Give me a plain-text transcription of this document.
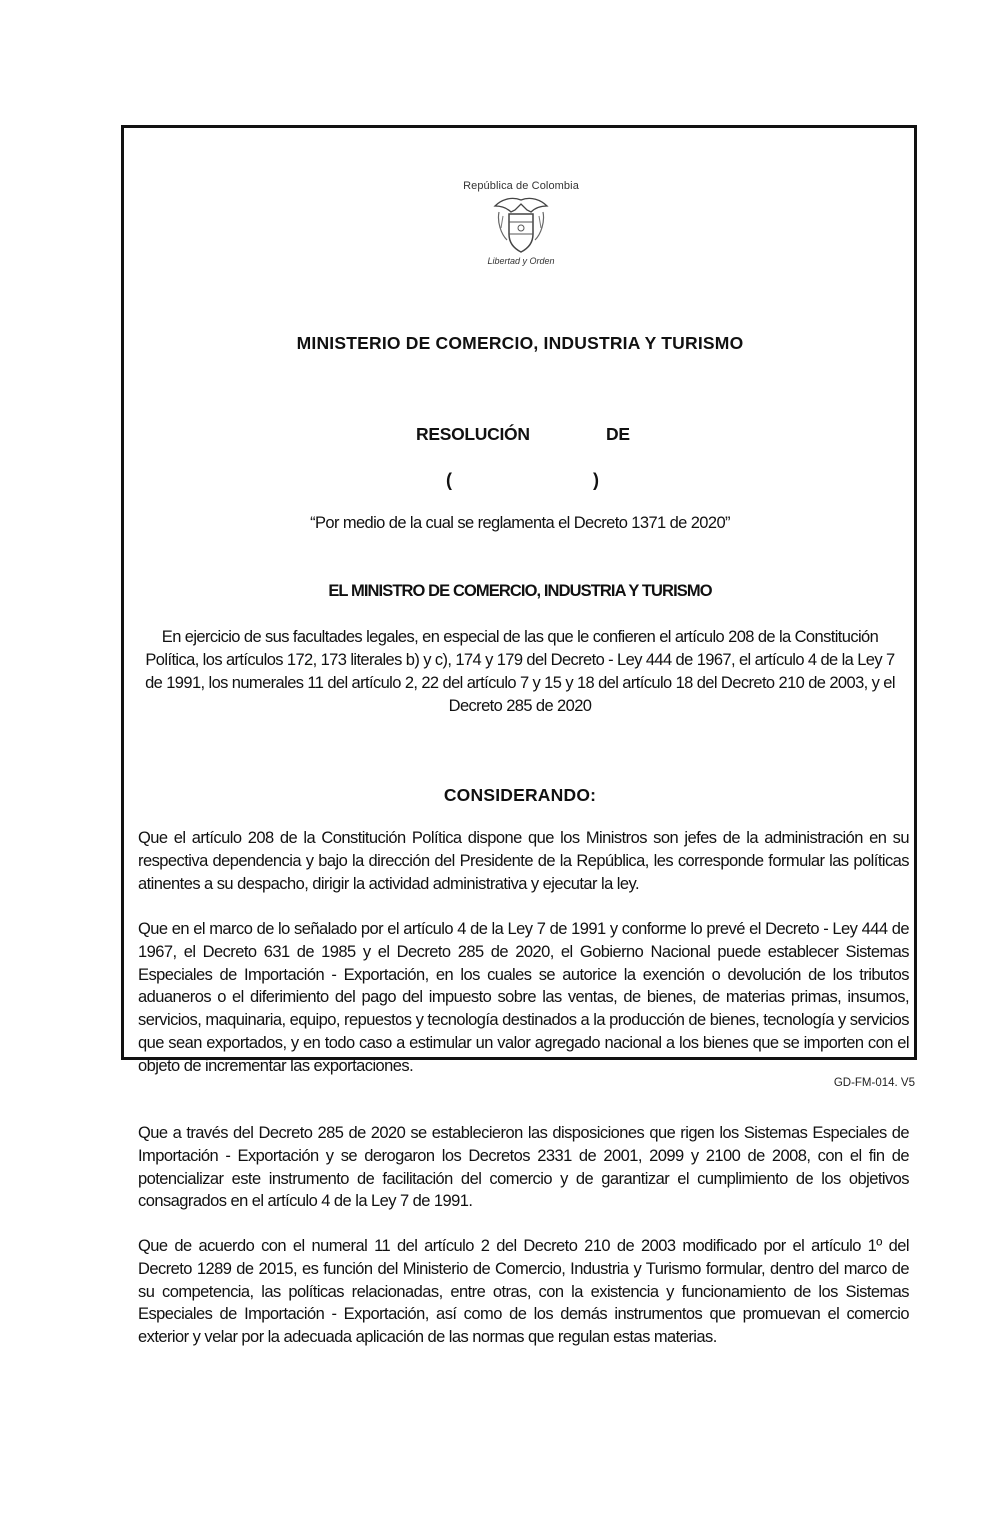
República de Colombia
Libertad y Orden
MINISTERIO DE COMERCIO, INDUSTRIA Y TURISMO
RESOLUCIÓN	DE
(	)
“Por medio de la cual se reglamenta el Decreto 1371 de 2020”
EL MINISTRO DE COMERCIO, INDUSTRIA Y TURISMO
En ejercicio de sus facultades legales, en especial de las que le confieren el artículo 208 de la Constitución Política, los artículos 172, 173 literales b) y c), 174 y 179 del Decreto - Ley 444 de 1967, el artículo 4 de la Ley 7 de 1991, los numerales 11 del artículo 2, 22 del artículo 7 y 15 y 18 del artículo 18 del Decreto 210 de 2003, y el Decreto 285 de 2020
CONSIDERANDO:

Que el artículo 208 de la Constitución Política dispone que los Ministros son jefes de la administración en su respectiva dependencia y bajo la dirección del Presidente de la República, les corresponde formular las políticas atinentes a su despacho, dirigir la actividad administrativa y ejecutar la ley.

Que en el marco de lo señalado por el artículo 4 de la Ley 7 de 1991 y conforme lo prevé el Decreto - Ley 444 de 1967, el Decreto 631 de 1985 y el Decreto 285 de 2020, el Gobierno Nacional puede establecer Sistemas Especiales de Importación - Exportación, en los cuales se autorice la exención o devolución de los tributos aduaneros o el diferimiento del pago del impuesto sobre las ventas, de bienes, de materias primas, insumos, servicios, maquinaria, equipo, repuestos y tecnología destinados a la producción de bienes, tecnología y servicios que sean exportados, y en todo caso a estimular un valor agregado nacional a los bienes que se importen con el objeto de incrementar las exportaciones.

Que a través del Decreto 285 de 2020 se establecieron las disposiciones que rigen los Sistemas Especiales de Importación - Exportación y se derogaron los Decretos 2331 de 2001, 2099 y 2100 de 2008, con el fin de potencializar este instrumento de facilitación del comercio y de garantizar el cumplimiento de los objetivos consagrados en el artículo 4 de la Ley 7 de 1991.

Que de acuerdo con el numeral 11 del artículo 2 del Decreto 210 de 2003 modificado por el artículo 1º del Decreto 1289 de 2015, es función del Ministerio de Comercio, Industria y Turismo formular, dentro del marco de su competencia, las políticas relacionadas, entre otras, con la existencia y funcionamiento de los Sistemas Especiales de Importación - Exportación, así como de los demás instrumentos que promuevan el comercio exterior y velar por la adecuada aplicación de las normas que regulan estas materias.

GD-FM-014. V5
